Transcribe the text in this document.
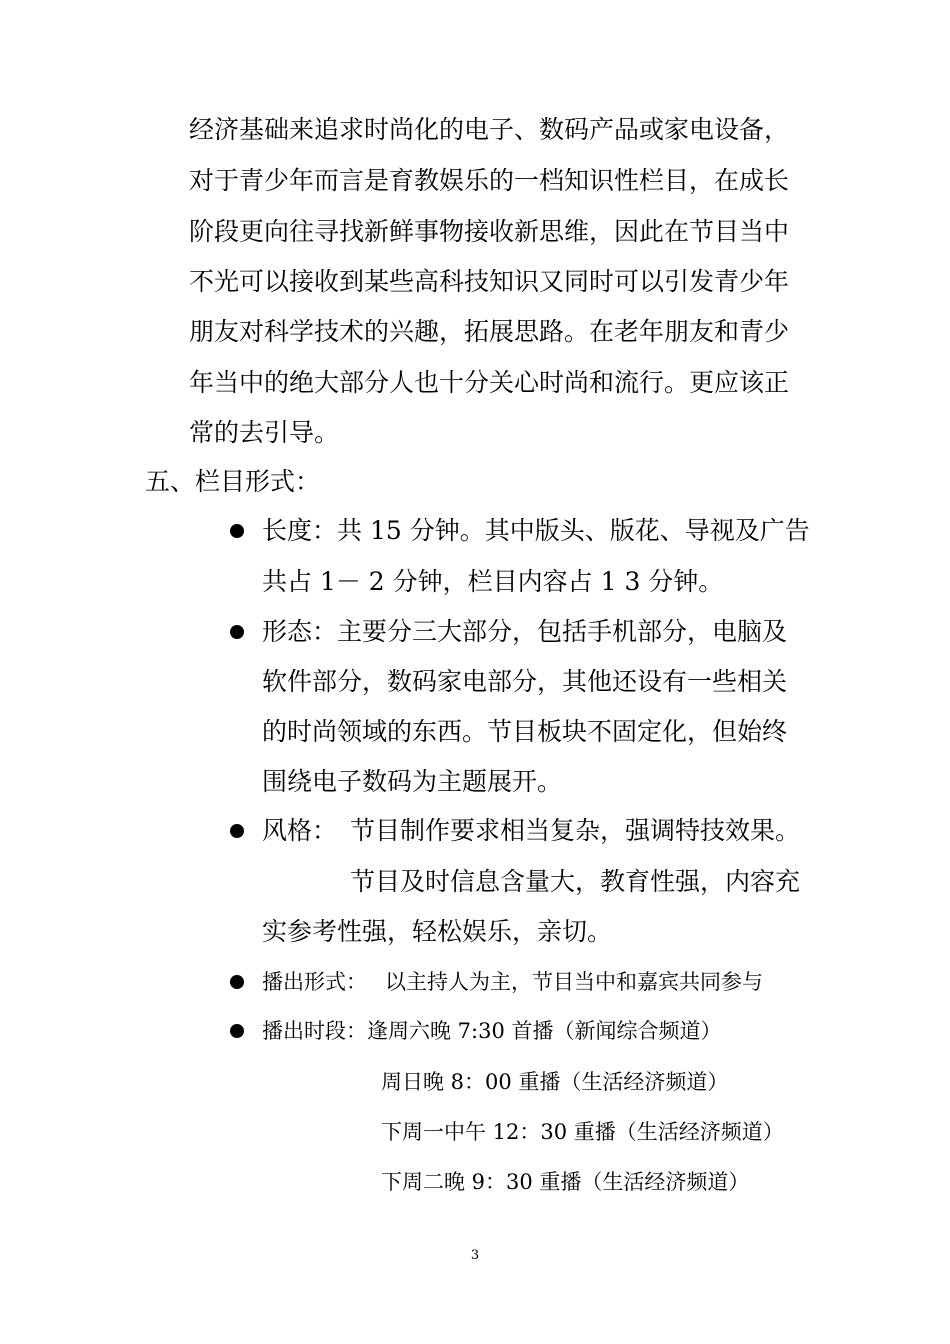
经济基础来追求时尚化的电子、数码产品或家电设备，

对于青少年而言是育教娱乐的一档知识性栏目，在成长

阶段更向往寻找新鲜事物接收新思维，因此在节目当中

不光可以接收到某些高科技知识又同时可以引发青少年

朋友对科学技术的兴趣，拓展思路。在老年朋友和青少

年当中的绝大部分人也十分关心时尚和流行。更应该正

常的去引导。

五、栏目形式：

长度：共 15 分钟。其中版头、版花、导视及广告

共占 1－ 2 分钟，栏目内容占 1 3 分钟。

形态：主要分三大部分，包括手机部分，电脑及

软件部分，数码家电部分，其他还设有一些相关

的时尚领域的东西。节目板块不固定化，但始终

围绕电子数码为主题展开。

风格： 节目制作要求相当复杂，强调特技效果。

节目及时信息含量大，教育性强，内容充

实参考性强，轻松娱乐，亲切。

播出形式： 以主持人为主，节目当中和嘉宾共同参与

播出时段：逢周六晚 7:30 首播（新闻综合频道）

周日晚 8：00 重播（生活经济频道）

下周一中午 12：30 重播（生活经济频道）

下周二晚 9：30 重播（生活经济频道）

3
